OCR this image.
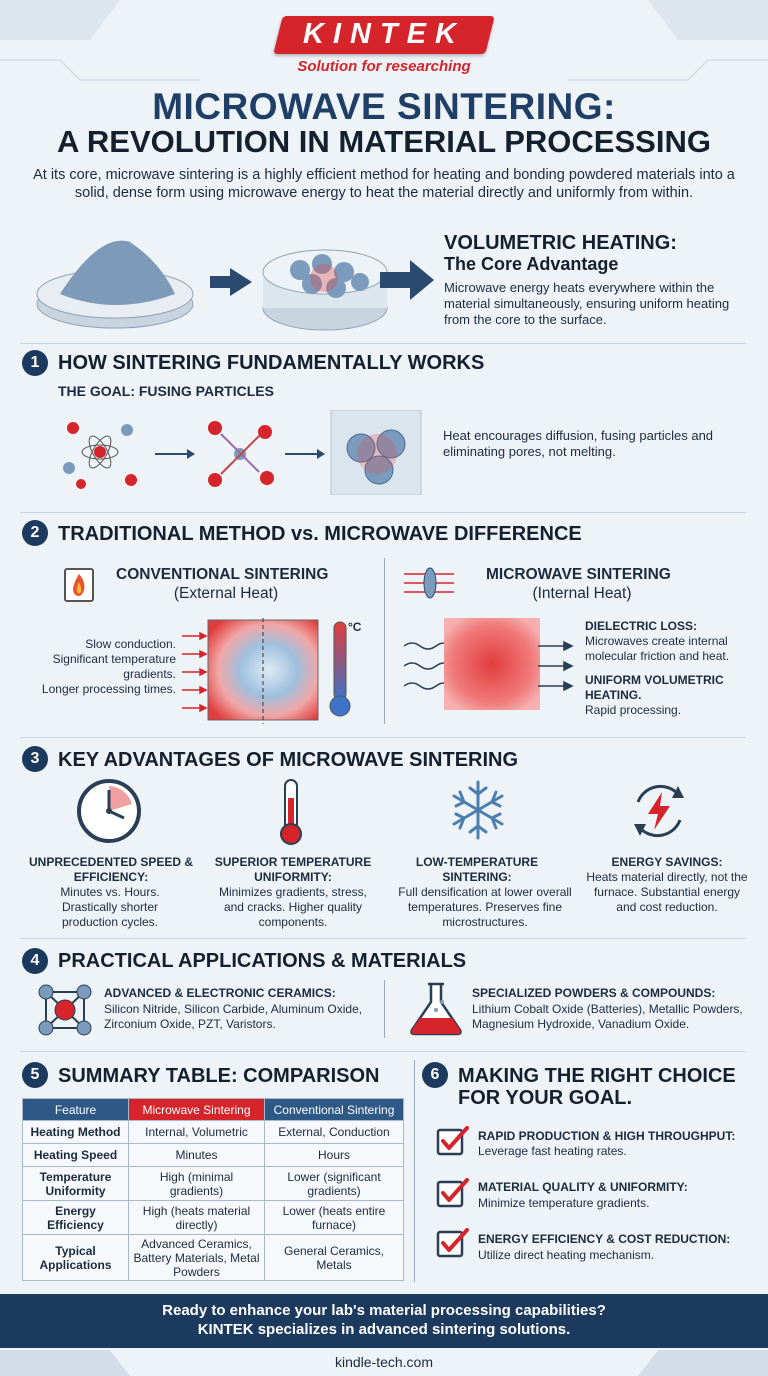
KINTEK
Solution for researching
MICROWAVE SINTERING:
A REVOLUTION IN MATERIAL PROCESSING
At its core, microwave sintering is a highly efficient method for heating and bonding powdered materials into a solid, dense form using microwave energy to heat the material directly and uniformly from within.
VOLUMETRIC HEATING:
The Core Advantage
Microwave energy heats everywhere within the material simultaneously, ensuring uniform heating from the core to the surface.
1 HOW SINTERING FUNDAMENTALLY WORKS
THE GOAL: FUSING PARTICLES
Heat encourages diffusion, fusing particles and eliminating pores, not melting.
2 TRADITIONAL METHOD vs. MICROWAVE DIFFERENCE
CONVENTIONAL SINTERING
(External Heat)
Slow conduction.
Significant temperature
gradients.
Longer processing times.
°C
MICROWAVE SINTERING
(Internal Heat)
DIELECTRIC LOSS:
Microwaves create internal molecular friction and heat.
UNIFORM VOLUMETRIC HEATING.
Rapid processing.
3 KEY ADVANTAGES OF MICROWAVE SINTERING
UNPRECEDENTED SPEED & EFFICIENCY:
Minutes vs. Hours. Drastically shorter production cycles.
SUPERIOR TEMPERATURE UNIFORMITY:
Minimizes gradients, stress, and cracks. Higher quality components.
LOW-TEMPERATURE SINTERING:
Full densification at lower overall temperatures. Preserves fine microstructures.
ENERGY SAVINGS:
Heats material directly, not the furnace. Substantial energy and cost reduction.
4 PRACTICAL APPLICATIONS & MATERIALS
ADVANCED & ELECTRONIC CERAMICS:
Silicon Nitride, Silicon Carbide, Aluminum Oxide, Zirconium Oxide, PZT, Varistors.
SPECIALIZED POWDERS & COMPOUNDS:
Lithium Cobalt Oxide (Batteries), Metallic Powders, Magnesium Hydroxide, Vanadium Oxide.
5 SUMMARY TABLE: COMPARISON
Feature	Microwave Sintering	Conventional Sintering
Heating Method	Internal, Volumetric	External, Conduction
Heating Speed	Minutes	Hours
Temperature Uniformity	High (minimal gradients)	Lower (significant gradients)
Energy Efficiency	High (heats material directly)	Lower (heats entire furnace)
Typical Applications	Advanced Ceramics, Battery Materials, Metal Powders	General Ceramics, Metals
6 MAKING THE RIGHT CHOICE
FOR YOUR GOAL.
RAPID PRODUCTION & HIGH THROUGHPUT:
Leverage fast heating rates.
MATERIAL QUALITY & UNIFORMITY:
Minimize temperature gradients.
ENERGY EFFICIENCY & COST REDUCTION:
Utilize direct heating mechanism.
Ready to enhance your lab's material processing capabilities?
KINTEK specializes in advanced sintering solutions.
kindle-tech.com
